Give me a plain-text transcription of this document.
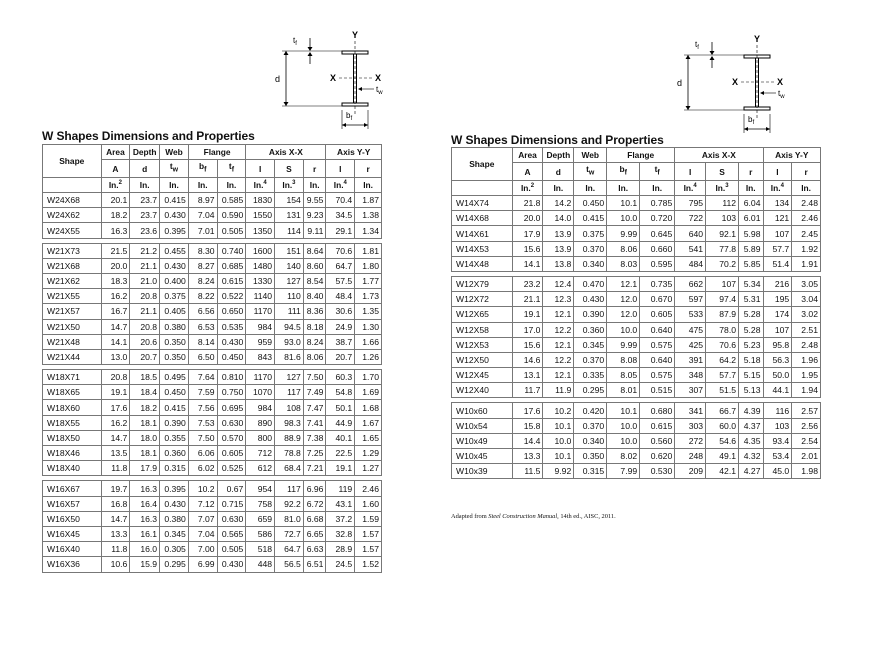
$t_f$
d
Y
X	X
$t_w$
$b_f$
W Shapes Dimensions and Properties
Shape	Area	Depth	Web	Flange		Axis X-X			Axis Y-Y	
	A	d	$t_w$	$b_f$	$t_f$	I	S	r	I	r
	In.$^2$	In.	In.	In.	In.	In.$^4$	In.$^3$	In.	In.$^4$	In.
W24X68	20.1	23.7	0.415	8.97	0.585	1830	154	9.55	70.4	1.87
W24X62	18.2	23.7	0.430	7.04	0.590	1550	131	9.23	34.5	1.38
W24X55	16.3	23.6	0.395	7.01	0.505	1350	114	9.11	29.1	1.34

W21X73	21.5	21.2	0.455	8.30	0.740	1600	151	8.64	70.6	1.81
W21X68	20.0	21.1	0.430	8.27	0.685	1480	140	8.60	64.7	1.80
W21X62	18.3	21.0	0.400	8.24	0.615	1330	127	8.54	57.5	1.77
W21X55	16.2	20.8	0.375	8.22	0.522	1140	110	8.40	48.4	1.73
W21X57	16.7	21.1	0.405	6.56	0.650	1170	111	8.36	30.6	1.35
W21X50	14.7	20.8	0.380	6.53	0.535	984	94.5	8.18	24.9	1.30
W21X48	14.1	20.6	0.350	8.14	0.430	959	93.0	8.24	38.7	1.66
W21X44	13.0	20.7	0.350	6.50	0.450	843	81.6	8.06	20.7	1.26

W18X71	20.8	18.5	0.495	7.64	0.810	1170	127	7.50	60.3	1.70
W18X65	19.1	18.4	0.450	7.59	0.750	1070	117	7.49	54.8	1.69
W18X60	17.6	18.2	0.415	7.56	0.695	984	108	7.47	50.1	1.68
W18X55	16.2	18.1	0.390	7.53	0.630	890	98.3	7.41	44.9	1.67
W18X50	14.7	18.0	0.355	7.50	0.570	800	88.9	7.38	40.1	1.65
W18X46	13.5	18.1	0.360	6.06	0.605	712	78.8	7.25	22.5	1.29
W18X40	11.8	17.9	0.315	6.02	0.525	612	68.4	7.21	19.1	1.27

W16X67	19.7	16.3	0.395	10.2	0.67	954	117	6.96	119	2.46
W16X57	16.8	16.4	0.430	7.12	0.715	758	92.2	6.72	43.1	1.60
W16X50	14.7	16.3	0.380	7.07	0.630	659	81.0	6.68	37.2	1.59
W16X45	13.3	16.1	0.345	7.04	0.565	586	72.7	6.65	32.8	1.57
W16X40	11.8	16.0	0.305	7.00	0.505	518	64.7	6.63	28.9	1.57
W16X36	10.6	15.9	0.295	6.99	0.430	448	56.5	6.51	24.5	1.52
$t_f$
d
Y
X	X
$t_w$
$b_f$
W Shapes Dimensions and Properties
Shape	Area	Depth	Web	Flange		Axis X-X			Axis Y-Y	
	A	d	$t_w$	$b_f$	$t_f$	I	S	r	I	r
	In.$^2$	In.	In.	In.	In.	In.$^4$	In.$^3$	In.	In.$^4$	In.
W14X74	21.8	14.2	0.450	10.1	0.785	795	112	6.04	134	2.48
W14X68	20.0	14.0	0.415	10.0	0.720	722	103	6.01	121	2.46
W14X61	17.9	13.9	0.375	9.99	0.645	640	92.1	5.98	107	2.45
W14X53	15.6	13.9	0.370	8.06	0.660	541	77.8	5.89	57.7	1.92
W14X48	14.1	13.8	0.340	8.03	0.595	484	70.2	5.85	51.4	1.91

W12X79	23.2	12.4	0.470	12.1	0.735	662	107	5.34	216	3.05
W12X72	21.1	12.3	0.430	12.0	0.670	597	97.4	5.31	195	3.04
W12X65	19.1	12.1	0.390	12.0	0.605	533	87.9	5.28	174	3.02
W12X58	17.0	12.2	0.360	10.0	0.640	475	78.0	5.28	107	2.51
W12X53	15.6	12.1	0.345	9.99	0.575	425	70.6	5.23	95.8	2.48
W12X50	14.6	12.2	0.370	8.08	0.640	391	64.2	5.18	56.3	1.96
W12X45	13.1	12.1	0.335	8.05	0.575	348	57.7	5.15	50.0	1.95
W12X40	11.7	11.9	0.295	8.01	0.515	307	51.5	5.13	44.1	1.94

W10x60	17.6	10.2	0.420	10.1	0.680	341	66.7	4.39	116	2.57
W10x54	15.8	10.1	0.370	10.0	0.615	303	60.0	4.37	103	2.56
W10x49	14.4	10.0	0.340	10.0	0.560	272	54.6	4.35	93.4	2.54
W10x45	13.3	10.1	0.350	8.02	0.620	248	49.1	4.32	53.4	2.01
W10x39	11.5	9.92	0.315	7.99	0.530	209	42.1	4.27	45.0	1.98
Adapted from Steel Construction Manual, 14th ed., AISC, 2011.
